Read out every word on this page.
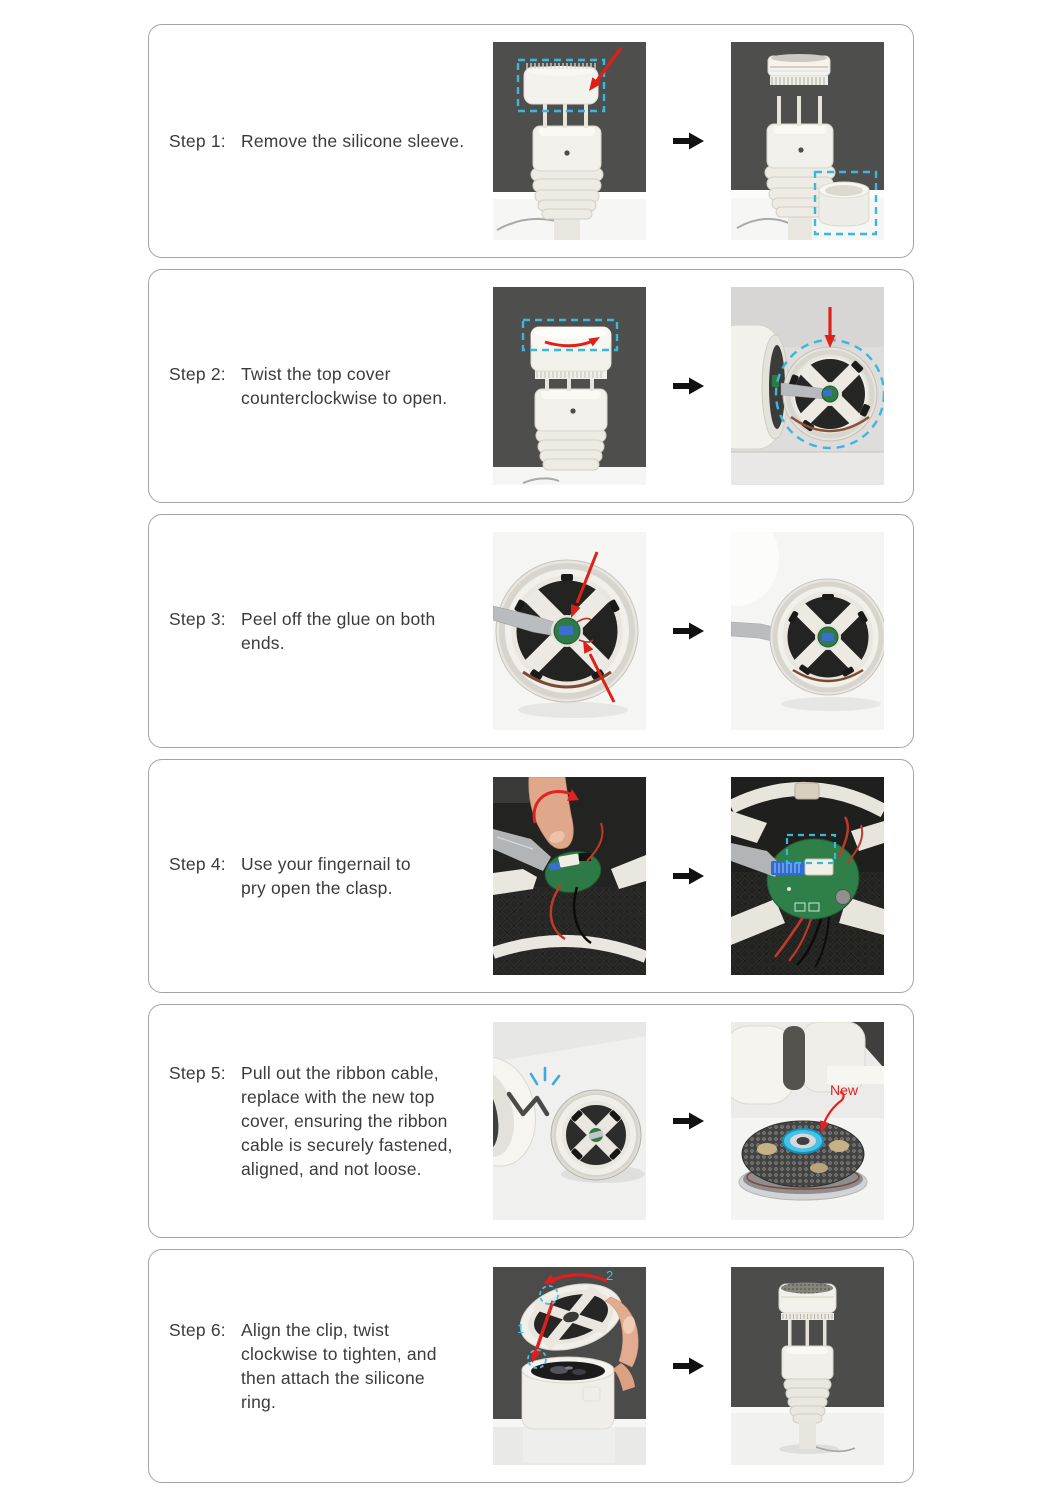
Step 1: Remove the silicone sleeve.
Step 2: Twist the top cover
counterclockwise to open.
Step 3: Peel off the glue on both
ends.
Step 4: Use your fingernail to
pry open the clasp.
Step 5: Pull out the ribbon cable,
replace with the new top
cover, ensuring the ribbon
cable is securely fastened,
aligned, and not loose.
New
Step 6: Align the clip, twist
clockwise to tighten, and
then attach the silicone
ring.
1
2
